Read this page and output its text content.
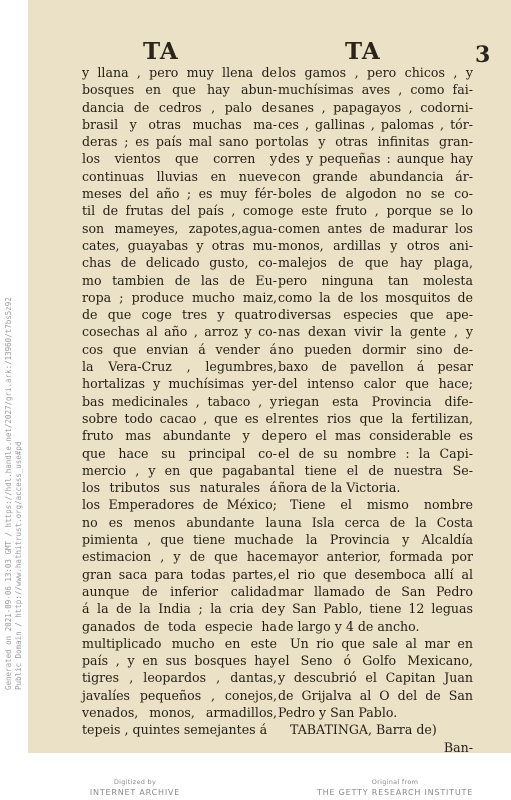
Generated on 2021-09-06 13:03 GMT / https://hdl.handle.net/2027/gri.ark:/13960/t7bs5z92 Public Domain / http://www.hathitrust.org/access_use#pd
TA	TA	3
y llana , pero muy llena de
bosques en que hay abun-
dancia de cedros , palo de
brasil y otras muchas ma-
deras ; es país mal sano por
los vientos que corren y
continuas lluvias en nueve
meses del año ; es muy fér-
til de frutas del país , como
son mameyes, zapotes,agua-
cates, guayabas y otras mu-
chas de delicado gusto, co-
mo tambien de las de Eu-
ropa ; produce mucho maiz,
de que coge tres y quatro
cosechas al año , arroz y co-
cos que envian á vender á
la Vera-Cruz , legumbres,
hortalizas y muchísimas yer-
bas medicinales , tabaco , y
sobre todo cacao , que es el
fruto mas abundante y de
que hace su principal co-
mercio , y en que pagaban
los tributos sus naturales á
los Emperadores de México;
no es menos abundante la
pimienta , que tiene mucha
estimacion , y de que hace
gran saca para todas partes,
aunque de inferior calidad
á la de la India ; la cria de
ganados de toda especie ha
multiplicado mucho en este
país , y en sus bosques hay
tigres , leopardos , dantas,
javalíes pequeños , conejos,
venados, monos, armadillos,
tepeis , quintes semejantes á
los gamos , pero chicos , y
muchísimas aves , como fai-
sanes , papagayos , codorni-
ces , gallinas , palomas , tór-
tolas y otras infinitas gran-
des y pequeñas : aunque hay
con grande abundancia ár-
boles de algodon no se co-
ge este fruto , porque se lo
comen antes de madurar los
monos, ardillas y otros ani-
malejos de que hay plaga,
pero ninguna tan molesta
como la de los mosquitos de
diversas especies que ape-
nas dexan vivir la gente , y
no pueden dormir sino de-
baxo de pavellon á pesar
del intenso calor que hace;
riegan esta Provincia dife-
rentes rios que la fertilizan,
pero el mas considerable es
el de su nombre : la Capi-
tal tiene el de nuestra Se-
ñora de la Victoria.
Tiene el mismo nombre
una Isla cerca de la Costa
de la Provincia y Alcaldía
mayor anterior, formada por
el rio que desemboca allí al
mar llamado de San Pedro
y San Pablo, tiene 12 leguas
de largo y 4 de ancho.
Un rio que sale al mar en
el Seno ó Golfo Mexicano,
y descubrió el Capitan Juan
de Grijalva al O del de San
Pedro y San Pablo.
TABATINGA, Barra de)
Ban-
Digitized by
INTERNET ARCHIVE
Original from
THE GETTY RESEARCH INSTITUTE
